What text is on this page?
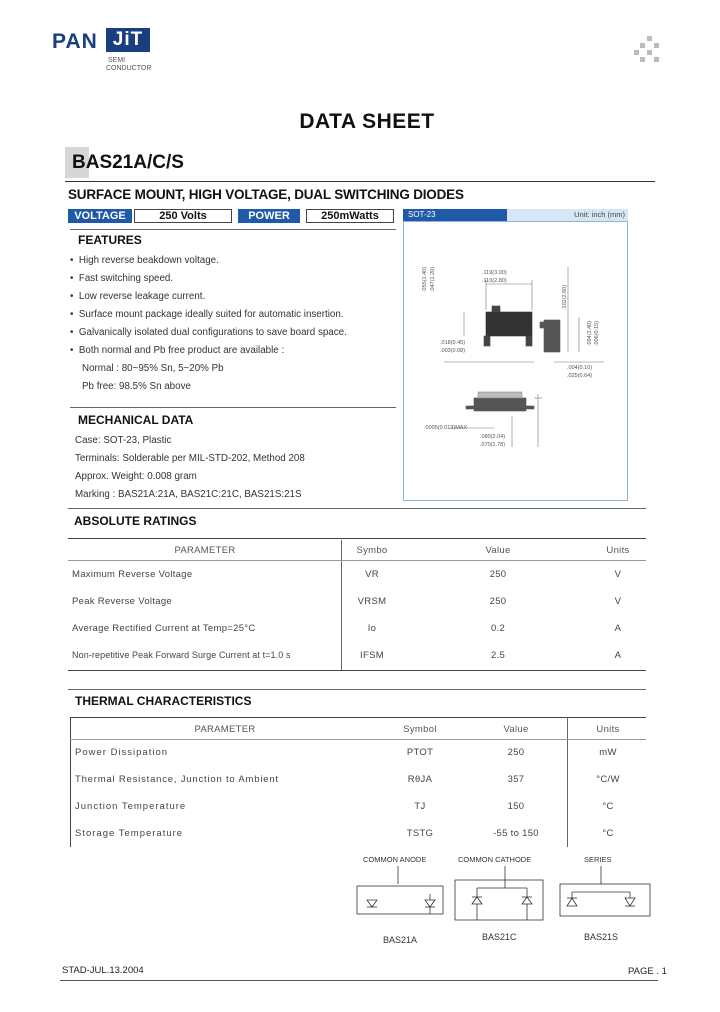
PAN JiT
SEMI
CONDUCTOR
DATA SHEET
BAS21A/C/S
SURFACE MOUNT, HIGH VOLTAGE, DUAL SWITCHING DIODES
VOLTAGE	250 Volts	POWER	250mWatts	SOT-23	Unit: inch (mm)
.119(3.00)
.110(2.80)
.018(0.45)
.003(0.08)
.055(1.40) .047(1.20)
.102(2.60)
.094(2.40) .006(0.15)
.004(0.10)
.025(0.64)
.0005(0.013)MAX
.080(2.04)
.070(1.78)
FEATURES
•  High reverse beakdown voltage.
•  Fast switching speed.
•  Low reverse leakage current.
•  Surface mount package ideally suited for automatic insertion.
•  Galvanically isolated dual configurations to save board space.
•  Both normal and Pb free product are available :
Normal : 80~95% Sn, 5~20% Pb
Pb free: 98.5% Sn above
MECHANICAL DATA
Case: SOT-23, Plastic
Terminals: Solderable per MIL-STD-202, Method 208
Approx. Weight: 0.008 gram
Marking : BAS21A:21A, BAS21C:21C, BAS21S:21S
ABSOLUTE RATINGS
PARAMETER	Symbo	Value	Units
Maximum Reverse Voltage	VR	250	V
Peak Reverse Voltage	VRSM	250	V
Average Rectified Current at Temp=25°C	Io	0.2	A
Non-repetitive Peak Forward Surge Current at t=1.0 s	IFSM	2.5	A
THERMAL CHARACTERISTICS
PARAMETER	Symbol	Value	Units
Power Dissipation	PTOT	250	mW
Thermal Resistance, Junction to Ambient	RθJA	357	°C/W
Junction Temperature	TJ	150	°C
Storage Temperature	TSTG	-55 to 150	°C
COMMON ANODE	COMMON CATHODE	SERIES
BAS21A	BAS21C	BAS21S
STAD-JUL.13.2004	PAGE . 1
